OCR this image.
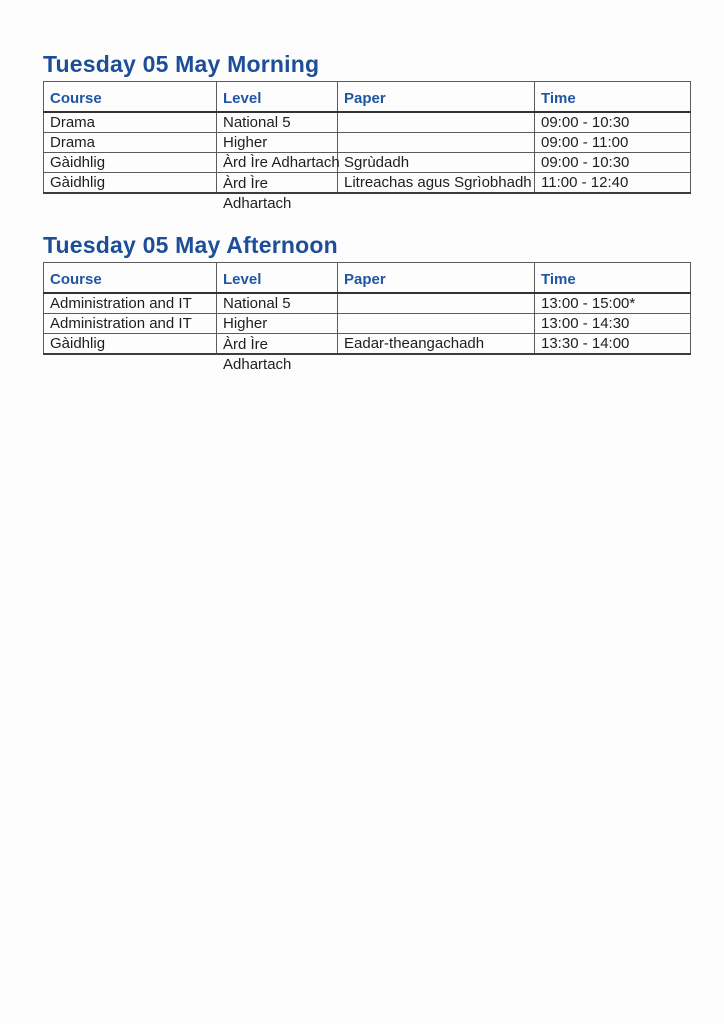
Tuesday 05 May Morning
Course	Level	Paper	Time

Drama	National 5		09:00 - 10:30

Drama	Higher		09:00 - 11:00

Gàidhlig	Àrd Ìre Adhartach	Sgrùdadh	09:00 - 10:30

Gàidhlig	Àrd Ìre Adhartach	Litreachas agus Sgrìobhadh	11:00 - 12:40
Tuesday 05 May Afternoon
Course	Level	Paper	Time

Administration and IT	National 5		13:00 - 15:00*

Administration and IT	Higher		13:00 - 14:30

Gàidhlig	Àrd Ìre Adhartach	Eadar-theangachadh	13:30 - 14:00
